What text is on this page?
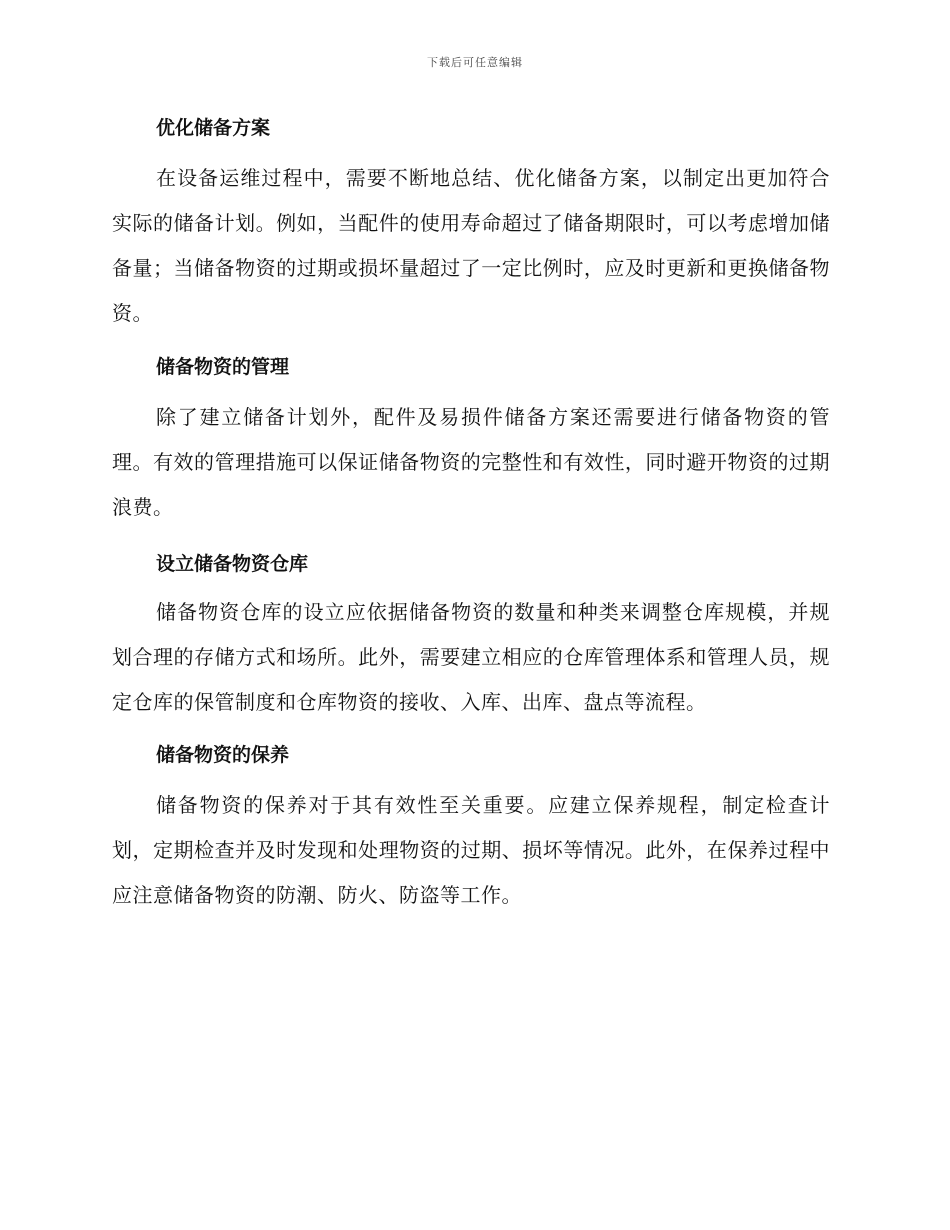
下载后可任意编辑
优化储备方案

在设备运维过程中，需要不断地总结、优化储备方案，以制定出更加符合实际的储备计划。例如，当配件的使用寿命超过了储备期限时，可以考虑增加储备量；当储备物资的过期或损坏量超过了一定比例时，应及时更新和更换储备物资。

储备物资的管理

除了建立储备计划外，配件及易损件储备方案还需要进行储备物资的管理。有效的管理措施可以保证储备物资的完整性和有效性，同时避开物资的过期浪费。

设立储备物资仓库

储备物资仓库的设立应依据储备物资的数量和种类来调整仓库规模，并规划合理的存储方式和场所。此外，需要建立相应的仓库管理体系和管理人员，规定仓库的保管制度和仓库物资的接收、入库、出库、盘点等流程。

储备物资的保养

储备物资的保养对于其有效性至关重要。应建立保养规程，制定检查计划，定期检查并及时发现和处理物资的过期、损坏等情况。此外，在保养过程中应注意储备物资的防潮、防火、防盗等工作。
